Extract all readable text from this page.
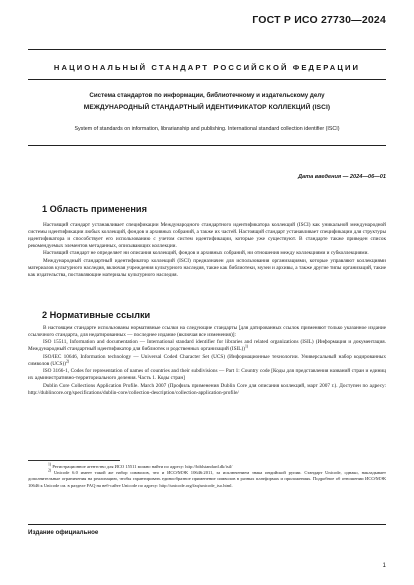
ГОСТ Р ИСО 27730—2024
НАЦИОНАЛЬНЫЙ СТАНДАРТ РОССИЙСКОЙ ФЕДЕРАЦИИ
Система стандартов по информации, библиотечному и издательскому делу
МЕЖДУНАРОДНЫЙ СТАНДАРТНЫЙ ИДЕНТИФИКАТОР КОЛЛЕКЦИЙ (ISCI)
System of standards on information, librarianship and publishing. International standard collection identifier (ISCI)
Дата введения — 2024—06—01
1 Область применения

Настоящий стандарт устанавливает спецификации Международного стандартного идентификатора коллекций (ISCI) как уникальной международной системы идентификации любых коллекций, фондов и архивных собраний, а также их частей. Настоящий стандарт устанавливает спецификации для структуры идентификатора и способствует его использованию с учетом систем идентификации, которые уже существуют. В стандарте также приведен список рекомендуемых элементов метаданных, описывающих коллекции.

Настоящий стандарт не определяет ни описания коллекций, фондов и архивных собраний, ни отношения между коллекциями и субколлекциями.

Международный стандартный идентификатор коллекций (ISCI) предназначен для использования организациями, которые управляют коллекциями материалов культурного наследия, включая учреждения культурного наследия, такие как библиотеки, музеи и архивы, а также другие типы организаций, такие как издательства, поставляющие материалы культурного наследия.

2 Нормативные ссылки

В настоящем стандарте использованы нормативные ссылки на следующие стандарты [для датированных ссылок применяют только указанное издание ссылочного стандарта, для недатированных — последнее издание (включая все изменения)]:

ISO 15511, Information and documentation — International standard identifier for libraries and related organizations (ISIL) (Информация и документация. Международный стандартный идентификатор для библиотек и родственных организаций (ISIL))$^{1)}$

ISO/IEC 10646, Information technology — Universal Coded Character Set (UCS) (Информационные технологии. Универсальный набор кодированных символов (UCS))$^{2)}$

ISO 3166-1, Codes for representation of names of countries and their subdivisions — Part 1: Country code [Коды для представления названий стран и единиц их административно-территориального деления. Часть 1. Коды стран]

Dublin Core Collections Application Profile. March 2007 (Профиль применения Dublin Core для описания коллекций, март 2007 г.). Доступен по адресу: http://dublincore.org/specifications/dublin-core/collection-description/collection-application-profile/

$^{1)}$ Регистрационное агентство для ИСО 15511 можно найти по адресу: http://biblstandard.dk/isil/

$^{2)}$ Unicode 6.0 имеет такой же набор символов, что и ИСО/МЭК 10646:2011, за исключением знака индийской рупии. Стандарт Unicode, однако, накладывает дополнительные ограничения на реализацию, чтобы гарантировать единообразное применение символов в разных платформах и приложениях. Подробное об отношении ИСО/МЭК 10646 к Unicode см. в разделе FAQ на веб-сайте Unicode по адресу: http://unicode.org/faq/unicode_iso.html.

Издание официальное
1
